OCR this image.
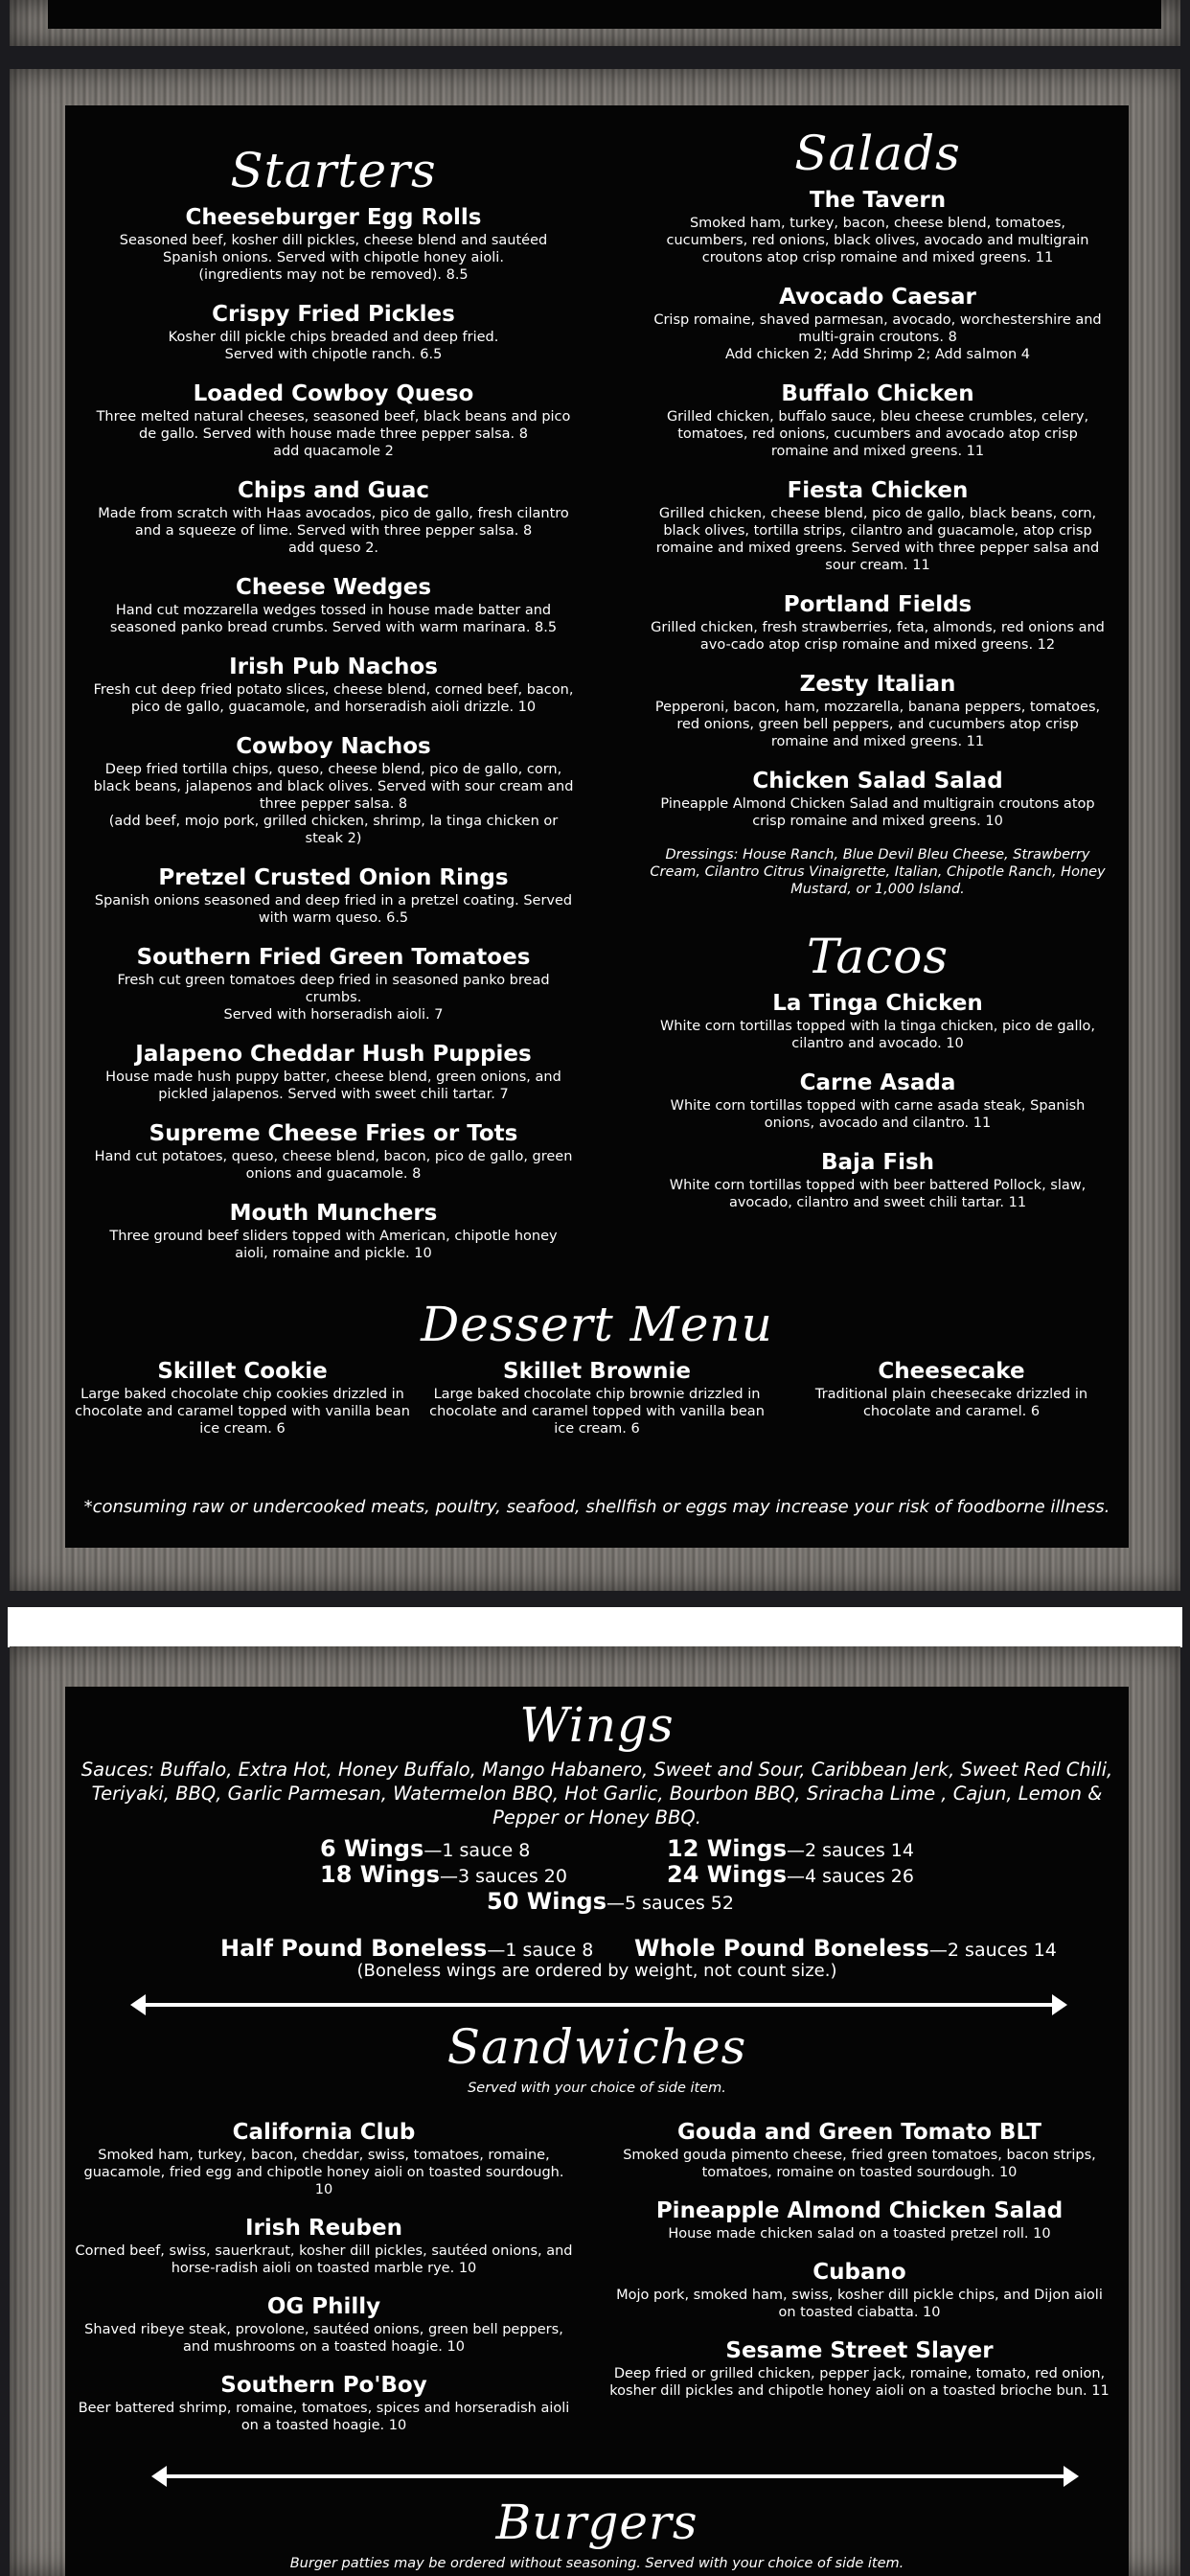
Starters
Cheeseburger Egg Rolls
Seasoned beef, kosher dill pickles, cheese blend and sautéed Spanish onions. Served with chipotle honey aioli.
(ingredients may not be removed). 8.5
Crispy Fried Pickles
Kosher dill pickle chips breaded and deep fried.
Served with chipotle ranch. 6.5
Loaded Cowboy Queso
Three melted natural cheeses, seasoned beef, black beans and pico de gallo. Served with house made three pepper salsa. 8
add quacamole 2
Chips and Guac
Made from scratch with Haas avocados, pico de gallo, fresh cilantro and a squeeze of lime. Served with three pepper salsa. 8
add queso 2.
Cheese Wedges
Hand cut mozzarella wedges tossed in house made batter and seasoned panko bread crumbs. Served with warm marinara. 8.5
Irish Pub Nachos
Fresh cut deep fried potato slices, cheese blend, corned beef, bacon, pico de gallo, guacamole, and horseradish aioli drizzle. 10
Cowboy Nachos
Deep fried tortilla chips, queso, cheese blend, pico de gallo, corn, black beans, jalapenos and black olives. Served with sour cream and three pepper salsa. 8
(add beef, mojo pork, grilled chicken, shrimp, la tinga chicken or steak 2)
Pretzel Crusted Onion Rings
Spanish onions seasoned and deep fried in a pretzel coating. Served with warm queso. 6.5
Southern Fried Green Tomatoes
Fresh cut green tomatoes deep fried in seasoned panko bread crumbs.
Served with horseradish aioli. 7
Jalapeno Cheddar Hush Puppies
House made hush puppy batter, cheese blend, green onions, and pickled jalapenos. Served with sweet chili tartar. 7
Supreme Cheese Fries or Tots
Hand cut potatoes, queso, cheese blend, bacon, pico de gallo, green onions and guacamole. 8
Mouth Munchers
Three ground beef sliders topped with American, chipotle honey aioli, romaine and pickle. 10
Salads
The Tavern
Smoked ham, turkey, bacon, cheese blend, tomatoes, cucumbers, red onions, black olives, avocado and multigrain croutons atop crisp romaine and mixed greens. 11
Avocado Caesar
Crisp romaine, shaved parmesan, avocado, worchestershire and multi-grain croutons. 8
Add chicken 2; Add Shrimp 2; Add salmon 4
Buffalo Chicken
Grilled chicken, buffalo sauce, bleu cheese crumbles, celery, tomatoes, red onions, cucumbers and avocado atop crisp romaine and mixed greens. 11
Fiesta Chicken
Grilled chicken, cheese blend, pico de gallo, black beans, corn, black olives, tortilla strips, cilantro and guacamole, atop crisp romaine and mixed greens. Served with three pepper salsa and sour cream. 11
Portland Fields
Grilled chicken, fresh strawberries, feta, almonds, red onions and avo-cado atop crisp romaine and mixed greens. 12
Zesty Italian
Pepperoni, bacon, ham, mozzarella, banana peppers, tomatoes, red onions, green bell peppers, and cucumbers atop crisp romaine and mixed greens. 11
Chicken Salad Salad
Pineapple Almond Chicken Salad and multigrain croutons atop crisp romaine and mixed greens. 10
Dressings: House Ranch, Blue Devil Bleu Cheese, Strawberry Cream, Cilantro Citrus Vinaigrette, Italian, Chipotle Ranch, Honey Mustard, or 1,000 Island.
Tacos
La Tinga Chicken
White corn tortillas topped with la tinga chicken, pico de gallo, cilantro and avocado. 10
Carne Asada
White corn tortillas topped with carne asada steak, Spanish onions, avocado and cilantro. 11
Baja Fish
White corn tortillas topped with beer battered Pollock, slaw, avocado, cilantro and sweet chili tartar. 11
Dessert Menu
Skillet Cookie
Large baked chocolate chip cookies drizzled in chocolate and caramel topped with vanilla bean ice cream. 6
Skillet Brownie
Large baked chocolate chip brownie drizzled in chocolate and caramel topped with vanilla bean ice cream. 6
Cheesecake
Traditional plain cheesecake drizzled in chocolate and caramel. 6
*consuming raw or undercooked meats, poultry, seafood, shellfish or eggs may increase your risk of foodborne illness.
Wings
Sauces: Buffalo, Extra Hot, Honey Buffalo, Mango Habanero, Sweet and Sour, Caribbean Jerk, Sweet Red Chili, Teriyaki, BBQ, Garlic Parmesan, Watermelon BBQ, Hot Garlic, Bourbon BBQ, Sriracha Lime , Cajun, Lemon & Pepper or Honey BBQ.
6 Wings—1 sauce 8	12 Wings—2 sauces 14
18 Wings—3 sauces 20	24 Wings—4 sauces 26
50 Wings—5 sauces 52
Half Pound Boneless—1 sauce 8 Whole Pound Boneless—2 sauces 14
(Boneless wings are ordered by weight, not count size.)
Sandwiches
Served with your choice of side item.
California Club
Smoked ham, turkey, bacon, cheddar, swiss, tomatoes, romaine, guacamole, fried egg and chipotle honey aioli on toasted sourdough. 10
Irish Reuben
Corned beef, swiss, sauerkraut, kosher dill pickles, sautéed onions, and horse-radish aioli on toasted marble rye. 10
OG Philly
Shaved ribeye steak, provolone, sautéed onions, green bell peppers, and mushrooms on a toasted hoagie. 10
Southern Po'Boy
Beer battered shrimp, romaine, tomatoes, spices and horseradish aioli on a toasted hoagie. 10
Gouda and Green Tomato BLT
Smoked gouda pimento cheese, fried green tomatoes, bacon strips, tomatoes, romaine on toasted sourdough. 10
Pineapple Almond Chicken Salad
House made chicken salad on a toasted pretzel roll. 10
Cubano
Mojo pork, smoked ham, swiss, kosher dill pickle chips, and Dijon aioli on toasted ciabatta. 10
Sesame Street Slayer
Deep fried or grilled chicken, pepper jack, romaine, tomato, red onion, kosher dill pickles and chipotle honey aioli on a toasted brioche bun. 11
Burgers
Burger patties may be ordered without seasoning. Served with your choice of side item.
